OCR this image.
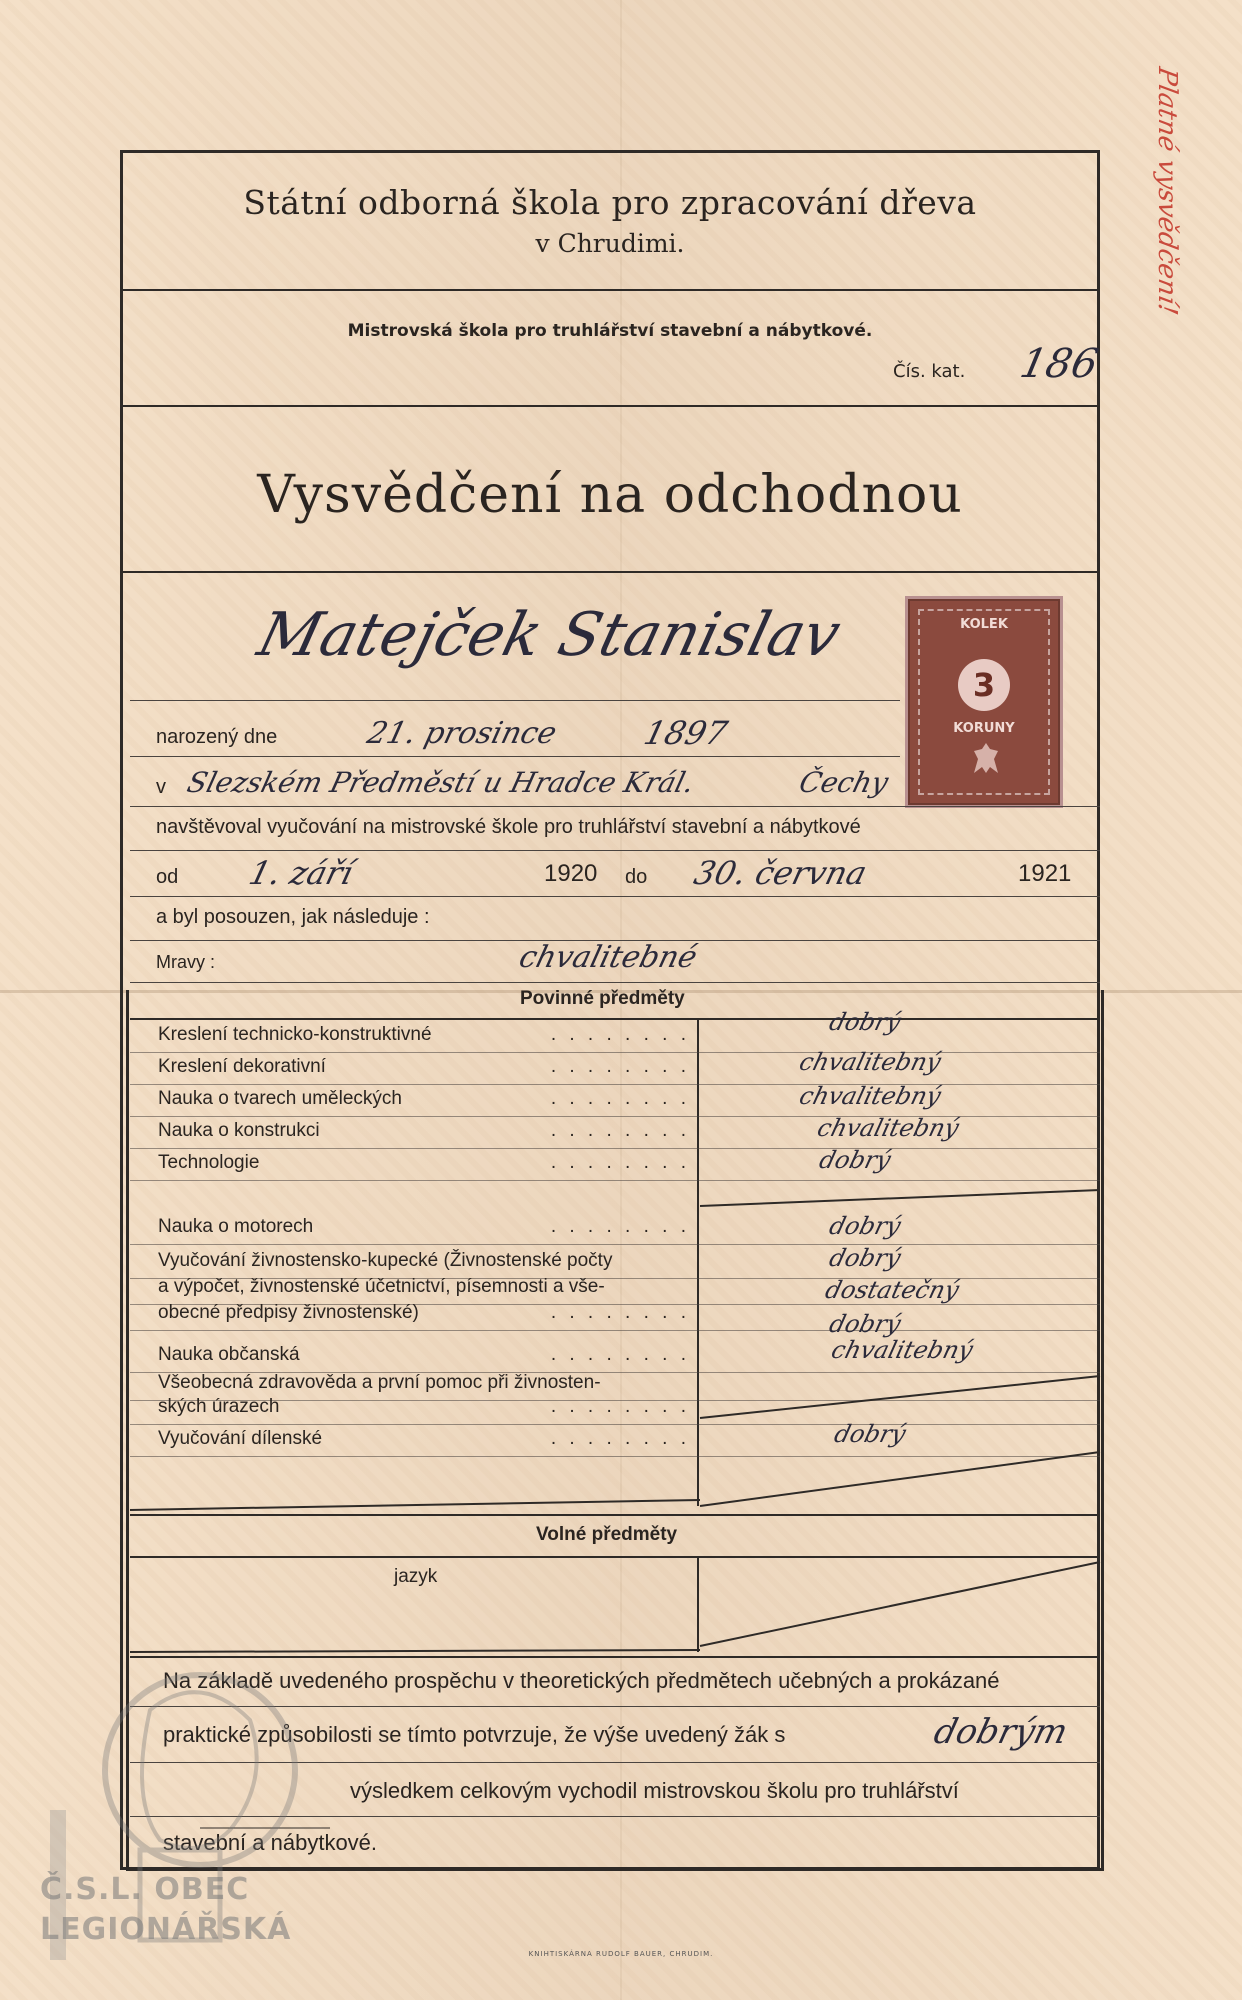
Platné vysvědčení!
Státní odborná škola pro zpracování dřeva
v Chrudimi.
Mistrovská škola pro truhlářství stavební a nábytkové.
Čís. kat. 186
Vysvědčení na odchodnou
Matejček Stanislav	KOLEK
3
KORUNY
narozený dne	21. prosince	1897
v Slezském Předměstí u Hradce Král.	Čechy
navštěvoval vyučování na mistrovské škole pro truhlářství stavební a nábytkové
od 1. září	1920 do 30. června	1921
a byl posouzen, jak následuje :
Mravy :	chvalitebné
Povinné předměty
Kreslení technicko-konstruktivné	. . . . . . . .	dobrý
Kreslení dekorativní	. . . . . . . .	chvalitebný
Nauka o tvarech uměleckých	. . . . . . . .	chvalitebný
Nauka o konstrukci	. . . . . . . .	chvalitebný
Technologie	. . . . . . . .	dobrý
Nauka o motorech	. . . . . . . .	dobrý
Vyučování živnostensko-kupecké (Živnostenské počty	dobrý
a výpočet, živnostenské účetnictví, písemnosti a vše-	dostatečný
obecné předpisy živnostenské)	. . . . . . . .	dobrý
Nauka občanská	. . . . . . . .	chvalitebný
Všeobecná zdravověda a první pomoc při živnosten-
ských úrazech	. . . . . . . .
Vyučování dílenské	. . . . . . . .	dobrý
Volné předměty
jazyk
Na základě uvedeného prospěchu v theoretických předmětech učebných a prokázané
praktické způsobilosti se tímto potvrzuje, že výše uvedený žák s	dobrým
výsledkem celkovým vychodil mistrovskou školu pro truhlářství
stavební a nábytkové.
Č.S.L. OBEC
LEGIONÁŘSKÁ
KNIHTISKÁRNA RUDOLF BAUER, CHRUDIM.
